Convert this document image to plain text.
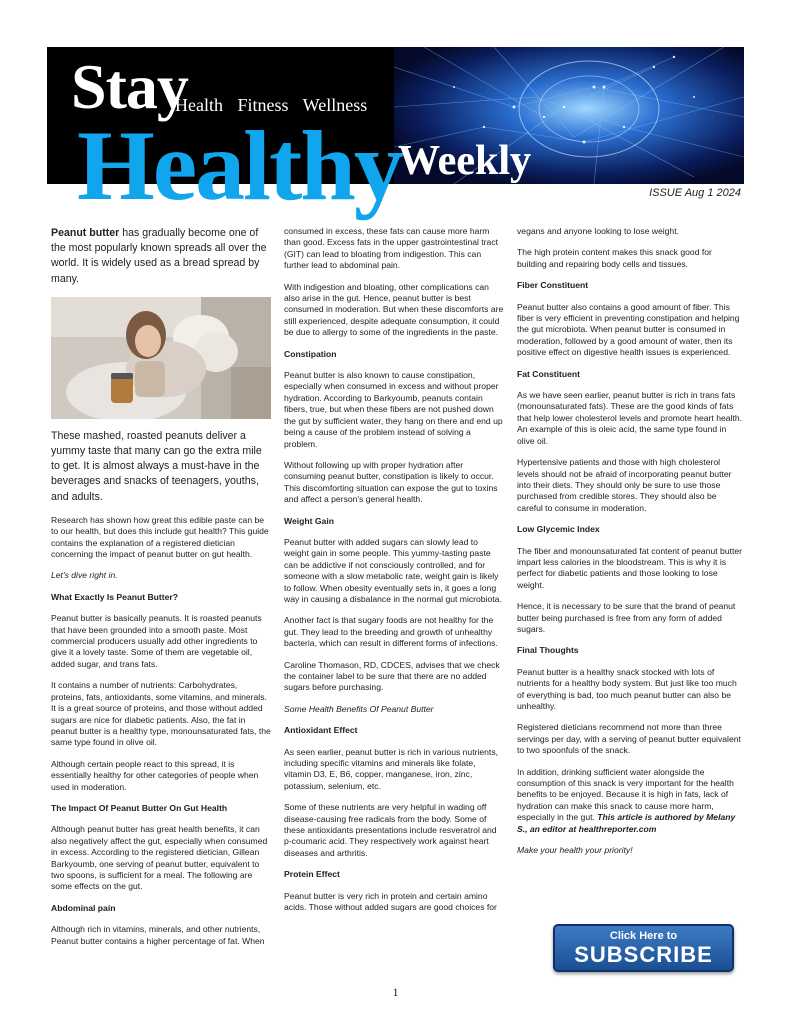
Stay
Health Fitness Wellness
Healthy
Weekly
ISSUE Aug 1 2024

Peanut butter has gradually become one of the most popularly known spreads all over the world. It is widely used as a bread spread by many.

These mashed, roasted peanuts deliver a yummy taste that many can go the extra mile to get. It is almost always a must-have in the beverages and snacks of teenagers, youths, and adults.

Research has shown how great this edible paste can be to our health, but does this include gut health? This guide contains the explanation of a registered dietician concerning the impact of peanut butter on gut health.

Let's dive right in.

What Exactly Is Peanut Butter?

Peanut butter is basically peanuts. It is roasted peanuts that have been grounded into a smooth paste. Most commercial producers usually add other ingredients to give it a lovely taste. Some of them are vegetable oil, added sugar, and trans fats.

It contains a number of nutrients: Carbohydrates, proteins, fats, antioxidants, some vitamins, and minerals. It is a great source of proteins, and those without added sugars are nice for diabetic patients. Also, the fat in peanut butter is a healthy type, monounsaturated fats, the same type found in olive oil.

Although certain people react to this spread, it is essentially healthy for other categories of people when used in moderation.

The Impact Of Peanut Butter On Gut Health

Although peanut butter has great health benefits, it can also negatively affect the gut, especially when consumed in excess. According to the registered dietician, Gillean Barkyoumb, one serving of peanut butter, equivalent to two spoons, is sufficient for a meal. The following are some effects on the gut.

Abdominal pain

Although rich in vitamins, minerals, and other nutrients, Peanut butter contains a higher percentage of fat. When

consumed in excess, these fats can cause more harm than good. Excess fats in the upper gastrointestinal tract (GIT) can lead to bloating from indigestion. This can further lead to abdominal pain.

With indigestion and bloating, other complications can also arise in the gut. Hence, peanut butter is best consumed in moderation. But when these discomforts are still experienced, despite adequate consumption, it could be due to allergy to some of the ingredients in the paste.

Constipation

Peanut butter is also known to cause constipation, especially when consumed in excess and without proper hydration. According to Barkyoumb, peanuts contain fibers, true, but when these fibers are not pushed down the gut by sufficient water, they hang on there and end up being a cause of the problem instead of solving a problem.

Without following up with proper hydration after consuming peanut butter, constipation is likely to occur. This discomforting situation can expose the gut to toxins and affect a person's general health.

Weight Gain

Peanut butter with added sugars can slowly lead to weight gain in some people. This yummy-tasting paste can be addictive if not consciously controlled, and for someone with a slow metabolic rate, weight gain is likely to follow. When obesity eventually sets in, it goes a long way in causing a disbalance in the normal gut microbiota.

Another fact is that sugary foods are not healthy for the gut. They lead to the breeding and growth of unhealthy bacteria, which can result in different forms of infections.

Caroline Thomason, RD, CDCES, advises that we check the container label to be sure that there are no added sugars before purchasing.

Some Health Benefits Of Peanut Butter

Antioxidant Effect

As seen earlier, peanut butter is rich in various nutrients, including specific vitamins and minerals like folate, vitamin D3, E, B6, copper, manganese, iron, zinc, potassium, selenium, etc.

Some of these nutrients are very helpful in wading off disease-causing free radicals from the body. Some of these antioxidants presentations include resveratrol and p-coumaric acid. They respectively work against heart diseases and arthritis.

Protein Effect

Peanut butter is very rich in protein and certain amino acids. Those without added sugars are good choices for

vegans and anyone looking to lose weight.

The high protein content makes this snack good for building and repairing body cells and tissues.

Fiber Constituent

Peanut butter also contains a good amount of fiber. This fiber is very efficient in preventing constipation and helping the gut microbiota. When peanut butter is consumed in moderation, followed by a good amount of water, then its positive effect on digestive health issues is experienced.

Fat Constituent

As we have seen earlier, peanut butter is rich in trans fats (monounsaturated fats). These are the good kinds of fats that help lower cholesterol levels and promote heart health. An example of this is oleic acid, the same type found in olive oil.

Hypertensive patients and those with high cholesterol levels should not be afraid of incorporating peanut butter into their diets. They should only be sure to use those purchased from credible stores. They should also be careful to consume in moderation.

Low Glycemic Index

The fiber and monounsaturated fat content of peanut butter impart less calories in the bloodstream. This is why it is perfect for diabetic patients and those looking to lose weight.

Hence, it is necessary to be sure that the brand of peanut butter being purchased is free from any form of added sugars.

Final Thoughts

Peanut butter is a healthy snack stocked with lots of nutrients for a healthy body system. But just like too much of everything is bad, too much peanut butter can also be unhealthy.

Registered dieticians recommend not more than three servings per day, with a serving of peanut butter equivalent to two spoonfuls of the snack.

In addition, drinking sufficient water alongside the consumption of this snack is very important for the health benefits to be enjoyed. Because it is high in fats, lack of hydration can make this snack to cause more harm, especially in the gut. This article is authored by Melany S., an editor at healthreporter.com

Make your health your priority!

Click Here to
SUBSCRIBE
1
